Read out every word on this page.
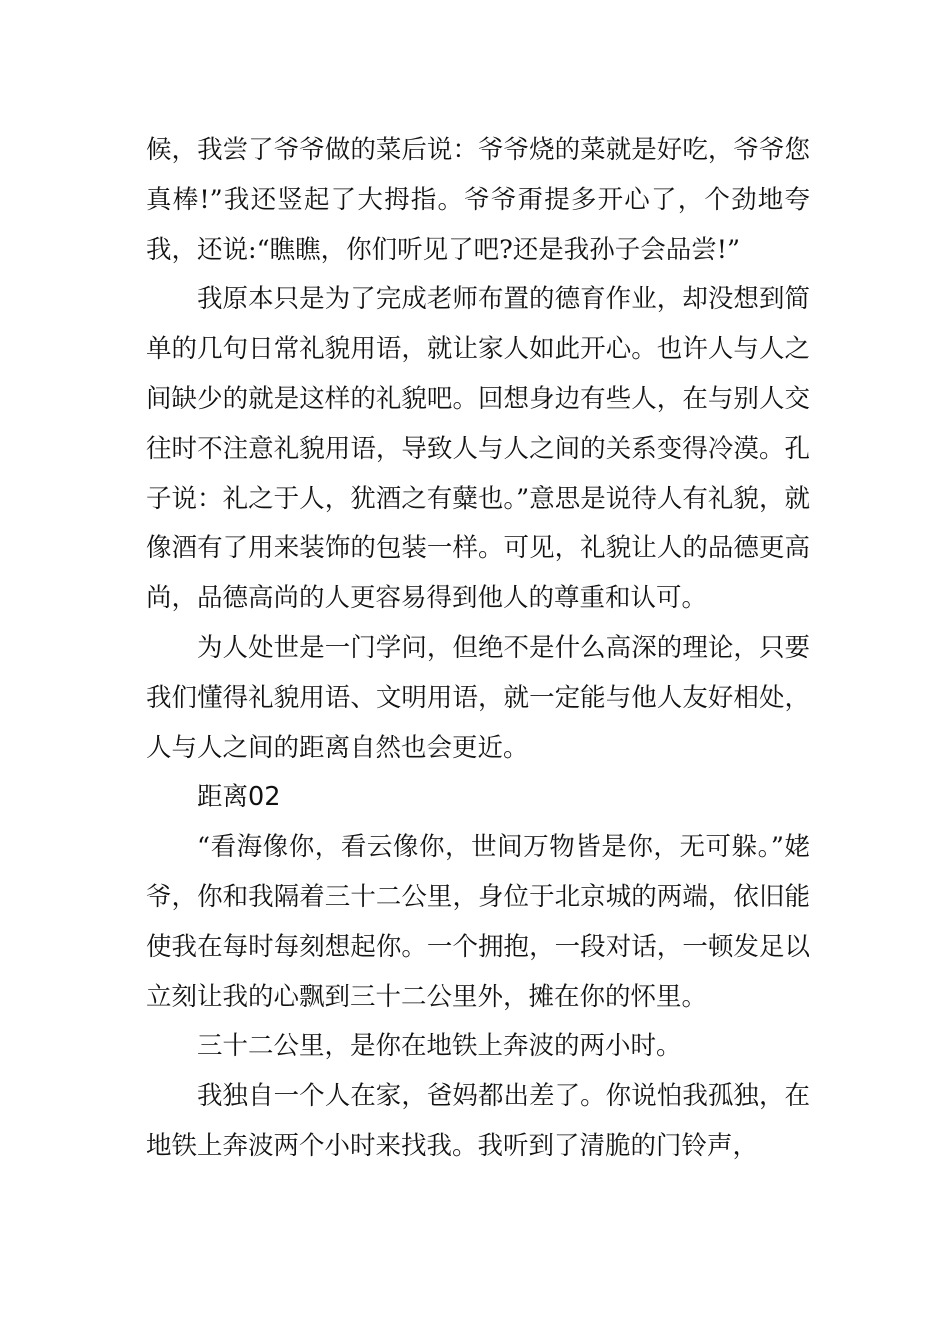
候，我尝了爷爷做的菜后说：爷爷烧的菜就是好吃，爷爷您真棒!”我还竖起了大拇指。爷爷甭提多开心了，个劲地夸我，还说:“瞧瞧，你们听见了吧?还是我孙子会品尝!”

我原本只是为了完成老师布置的德育作业，却没想到简单的几句日常礼貌用语，就让家人如此开心。也许人与人之间缺少的就是这样的礼貌吧。回想身边有些人，在与别人交往时不注意礼貌用语，导致人与人之间的关系变得冷漠。孔子说：礼之于人，犹酒之有糵也。”意思是说待人有礼貌，就像酒有了用来装饰的包装一样。可见，礼貌让人的品德更高尚，品德高尚的人更容易得到他人的尊重和认可。

为人处世是一门学问，但绝不是什么高深的理论，只要我们懂得礼貌用语、文明用语，就一定能与他人友好相处，人与人之间的距离自然也会更近。

距离02

“看海像你，看云像你，世间万物皆是你，无可躲。”姥爷，你和我隔着三十二公里，身位于北京城的两端，依旧能使我在每时每刻想起你。一个拥抱，一段对话，一顿发足以立刻让我的心飘到三十二公里外，摊在你的怀里。

三十二公里，是你在地铁上奔波的两小时。

我独自一个人在家，爸妈都出差了。你说怕我孤独，在地铁上奔波两个小时来找我。我听到了清脆的门铃声，
